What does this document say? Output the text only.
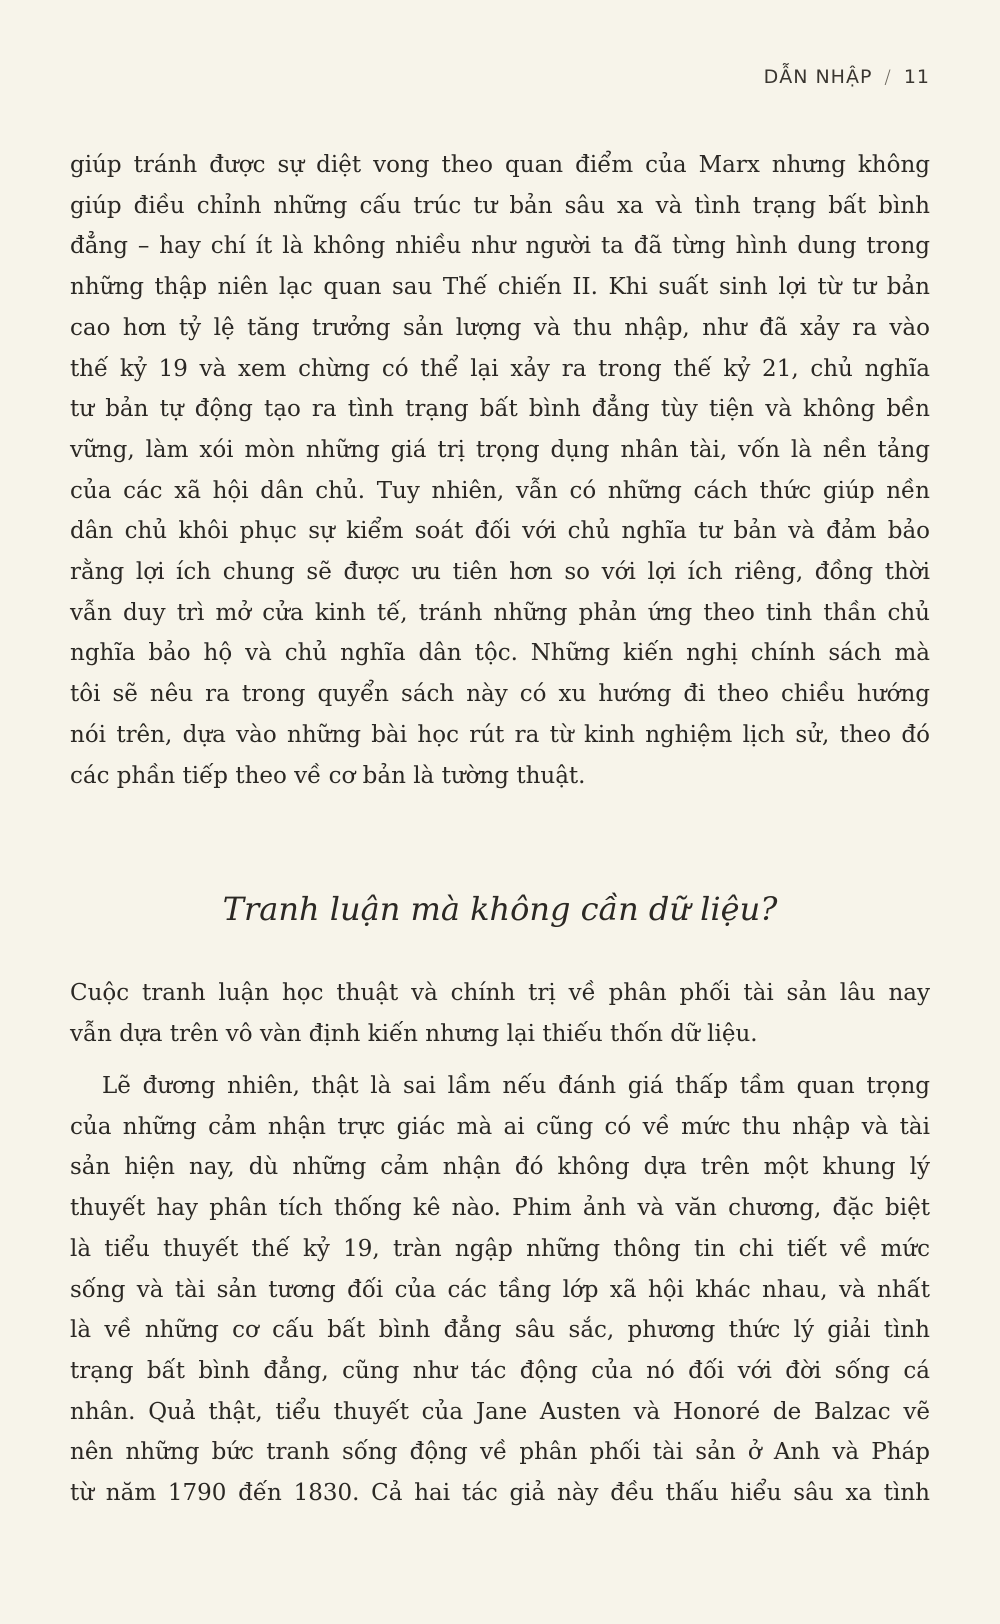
DẪN NHẬP / 11
giúp tránh được sự diệt vong theo quan điểm của Marx nhưng không
giúp điều chỉnh những cấu trúc tư bản sâu xa và tình trạng bất bình
đẳng – hay chí ít là không nhiều như người ta đã từng hình dung trong
những thập niên lạc quan sau Thế chiến II. Khi suất sinh lợi từ tư bản
cao hơn tỷ lệ tăng trưởng sản lượng và thu nhập, như đã xảy ra vào
thế kỷ 19 và xem chừng có thể lại xảy ra trong thế kỷ 21, chủ nghĩa
tư bản tự động tạo ra tình trạng bất bình đẳng tùy tiện và không bền
vững, làm xói mòn những giá trị trọng dụng nhân tài, vốn là nền tảng
của các xã hội dân chủ. Tuy nhiên, vẫn có những cách thức giúp nền
dân chủ khôi phục sự kiểm soát đối với chủ nghĩa tư bản và đảm bảo
rằng lợi ích chung sẽ được ưu tiên hơn so với lợi ích riêng, đồng thời
vẫn duy trì mở cửa kinh tế, tránh những phản ứng theo tinh thần chủ
nghĩa bảo hộ và chủ nghĩa dân tộc. Những kiến nghị chính sách mà
tôi sẽ nêu ra trong quyển sách này có xu hướng đi theo chiều hướng
nói trên, dựa vào những bài học rút ra từ kinh nghiệm lịch sử, theo đó
các phần tiếp theo về cơ bản là tường thuật.
Tranh luận mà không cần dữ liệu?
Cuộc tranh luận học thuật và chính trị về phân phối tài sản lâu nay
vẫn dựa trên vô vàn định kiến nhưng lại thiếu thốn dữ liệu.
Lẽ đương nhiên, thật là sai lầm nếu đánh giá thấp tầm quan trọng
của những cảm nhận trực giác mà ai cũng có về mức thu nhập và tài
sản hiện nay, dù những cảm nhận đó không dựa trên một khung lý
thuyết hay phân tích thống kê nào. Phim ảnh và văn chương, đặc biệt
là tiểu thuyết thế kỷ 19, tràn ngập những thông tin chi tiết về mức
sống và tài sản tương đối của các tầng lớp xã hội khác nhau, và nhất
là về những cơ cấu bất bình đẳng sâu sắc, phương thức lý giải tình
trạng bất bình đẳng, cũng như tác động của nó đối với đời sống cá
nhân. Quả thật, tiểu thuyết của Jane Austen và Honoré de Balzac vẽ
nên những bức tranh sống động về phân phối tài sản ở Anh và Pháp
từ năm 1790 đến 1830. Cả hai tác giả này đều thấu hiểu sâu xa tình
